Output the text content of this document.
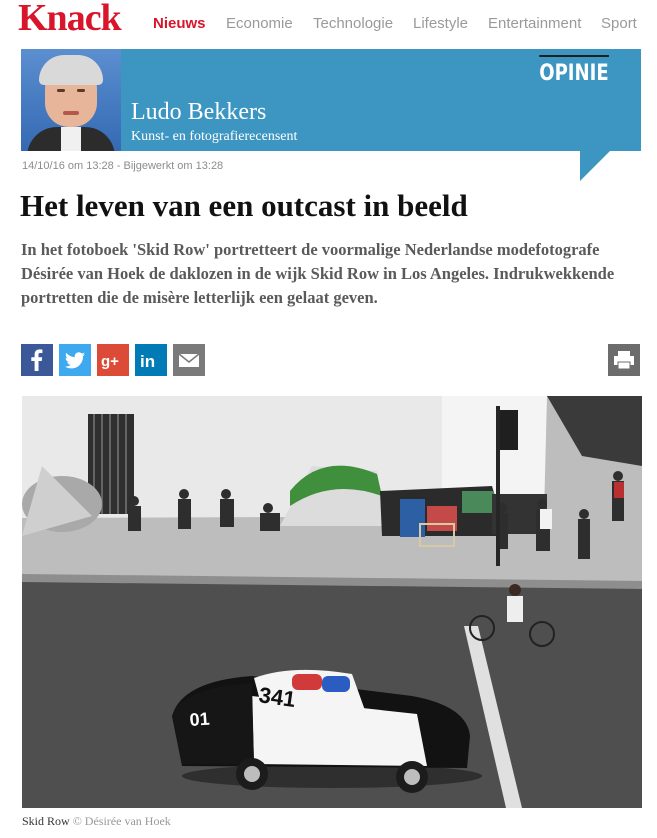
Knack Nieuws Economie Technologie Lifestyle Entertainment Sport
Ludo Bekkers
Kunst- en fotografierecensent
OPINIE
14/10/16 om 13:28 - Bijgewerkt om 13:28
Het leven van een outcast in beeld
In het fotoboek 'Skid Row' portretteert de voormalige Nederlandse modefotografe Désirée van Hoek de daklozen in de wijk Skid Row in Los Angeles. Indrukwekkende portretten die de misère letterlijk een gelaat geven.
g+ in
341
01
Skid Row © Désirée van Hoek
